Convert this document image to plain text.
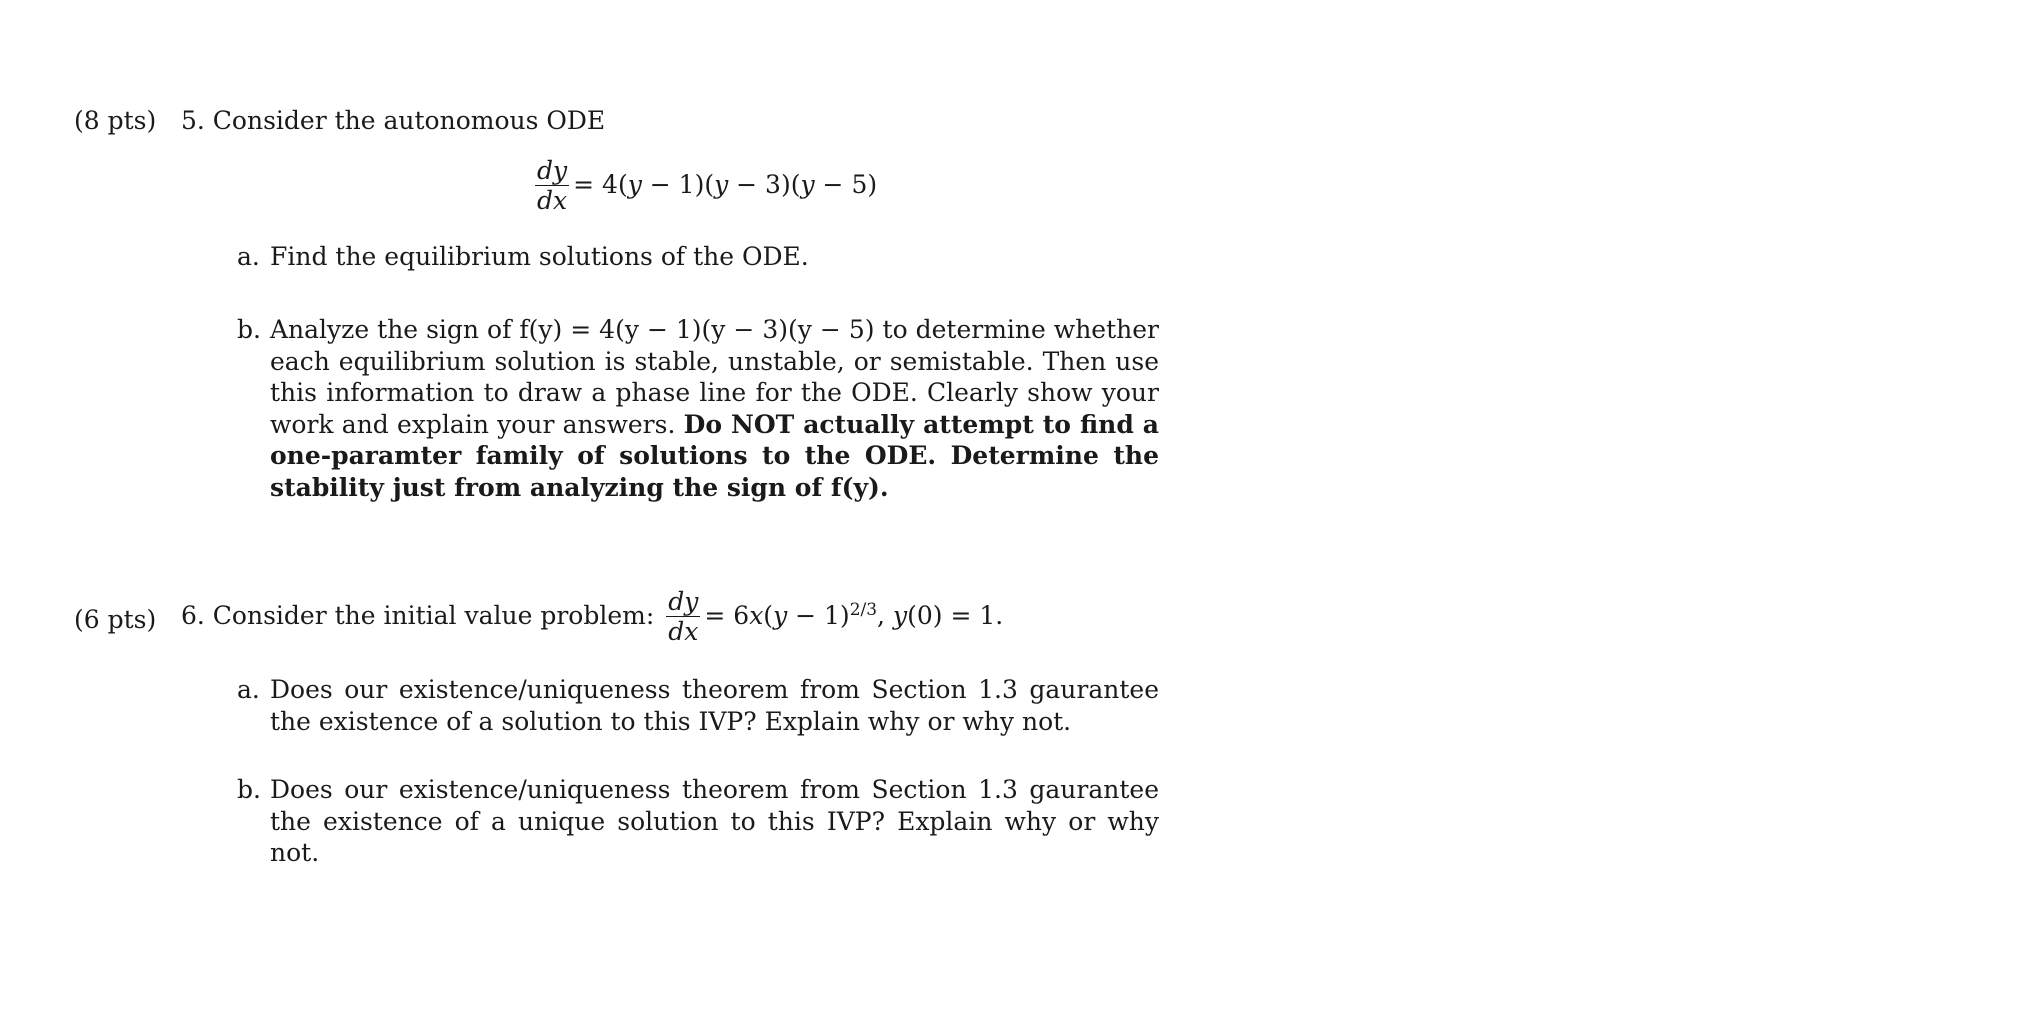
(8 pts) 5. Consider the autonomous ODE
$\frac{dy}{dx} = 4(y - 1)(y - 3)(y - 5)$
a. Find the equilibrium solutions of the ODE.
b. Analyze the sign of f(y) = 4(y − 1)(y − 3)(y − 5) to determine whether each equilibrium solution is stable, unstable, or semistable. Then use this information to draw a phase line for the ODE. Clearly show your work and explain your answers. Do NOT actually attempt to find a one-paramter family of solutions to the ODE. Determine the stability just from analyzing the sign of f(y).
(6 pts) 6. Consider the initial value problem: $\frac{dy}{dx} = 6x(y - 1)^{2/3}$, y(0) = 1.
a. Does our existence/uniqueness theorem from Section 1.3 gaurantee the existence of a solution to this IVP? Explain why or why not.
b. Does our existence/uniqueness theorem from Section 1.3 gaurantee the existence of a unique solution to this IVP? Explain why or why not.
